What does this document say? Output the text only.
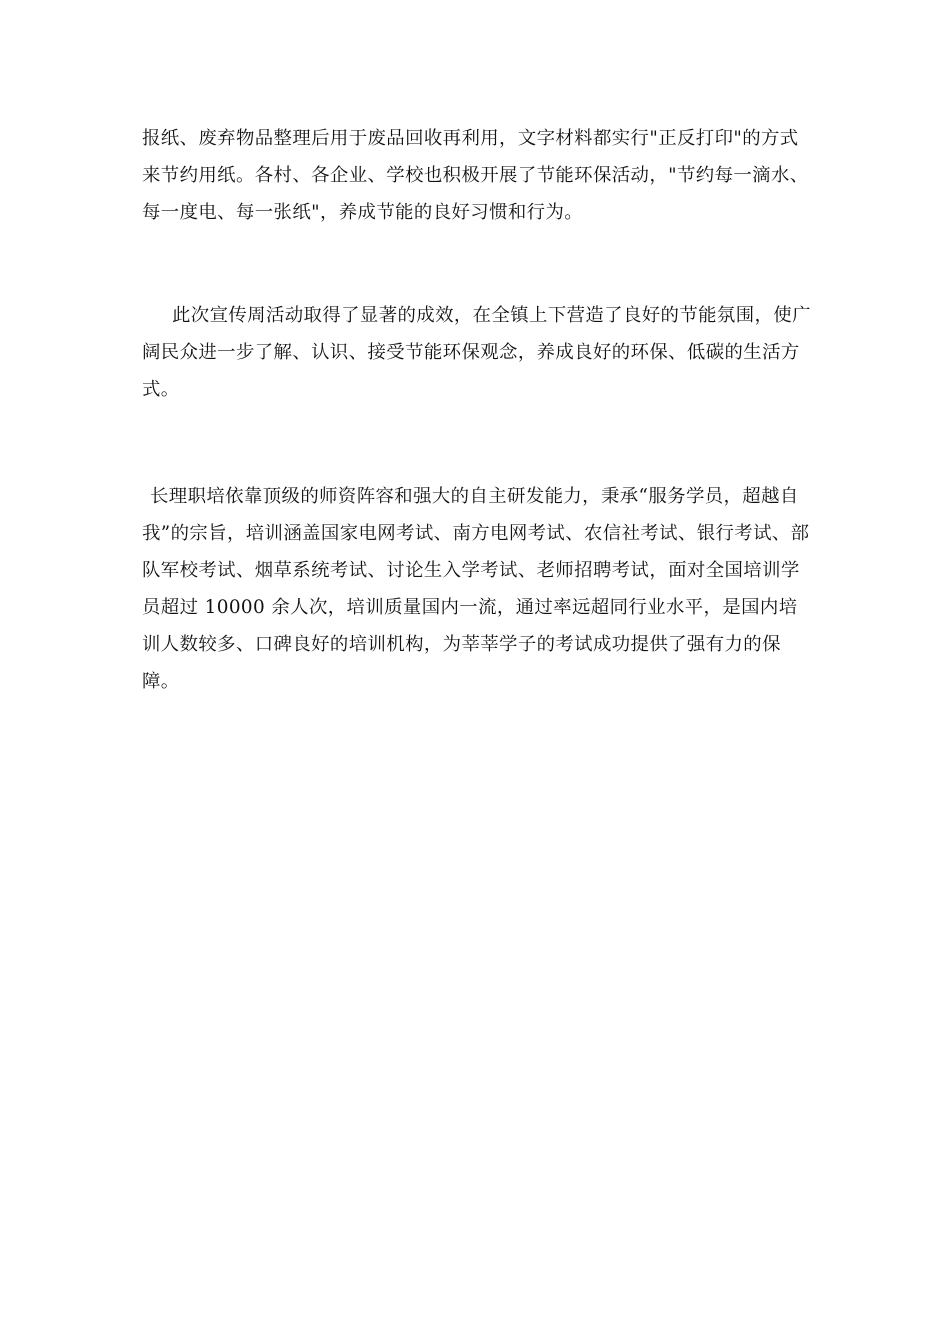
报纸、废弃物品整理后用于废品回收再利用，文字材料都实行"正反打印"的方式来节约用纸。各村、各企业、学校也积极开展了节能环保活动，"节约每一滴水、每一度电、每一张纸"，养成节能的良好习惯和行为。

此次宣传周活动取得了显著的成效，在全镇上下营造了良好的节能氛围，使广阔民众进一步了解、认识、接受节能环保观念，养成良好的环保、低碳的生活方式。

长理职培依靠顶级的师资阵容和强大的自主研发能力，秉承“服务学员，超越自我”的宗旨，培训涵盖国家电网考试、南方电网考试、农信社考试、银行考试、部队军校考试、烟草系统考试、讨论生入学考试、老师招聘考试，面对全国培训学员超过 10000 余人次，培训质量国内一流，通过率远超同行业水平，是国内培训人数较多、口碑良好的培训机构，为莘莘学子的考试成功提供了强有力的保障。
